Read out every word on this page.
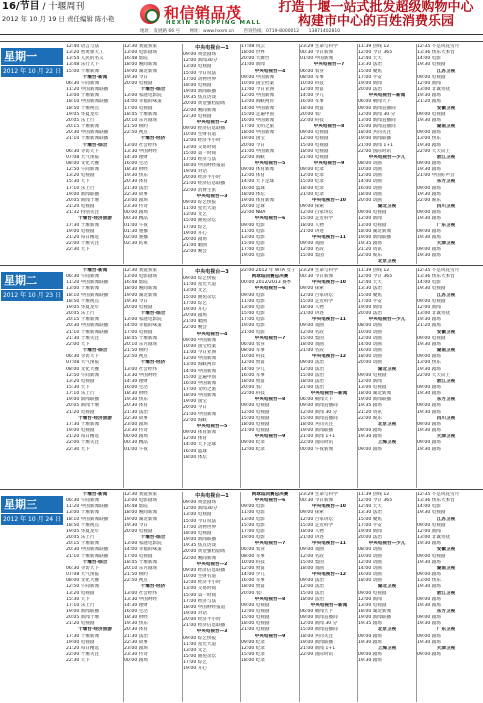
16/节目 / 十堰周刊
2012 年 10 月 19 日 责任编辑 陈小艳	和信销品茂
HEXIN SHOPPING MALL
打造十堰一站式批发超级购物中心
构建市中心的百姓消费乐园
地址：发展路 66 号 网址：www.hxsm.cn 咨询热线：0719-8000012 13871402810
星期一
2012 年 10 月 22 日
12:40 语言与法
13:20 智勇象天工
13:54 人民的名义
13:48 乐行天下
15:00 十堰新闻
十堰台·新闻
06:30 午间新闻
11:20 中国新闻联播
13:00 十堰新闻
18:10 中国新闻联播
18:50 十堰视点
19:05 华夏龙年
20:05 乐上行
20:15 十堰新闻
20:30 中国新闻联播
21:10 十堰新闻联播
十堰台·综合
06:30 寻访天下
07:08 天气预报
08:00 文化大餐
12:50 午间新闻
13:20 电视剧
15:30 天下
17:10 乐上行
19:00 新闻联播
20:05 新闻十堰
21:20 电视剧
21:32 特别关注
十堰台·经济旅游
17:30 十堰新闻
19:00 电视剧
21:20 每日精选
22:00 十堰关注
22:30 天下
12:30 我爱我家
13:00 电影剧场
16:48 影院
18:00 晚间新闻
19:00 湖北新闻
19:30 今日
20:00 电视剧
十堰台·综合
13:00 家庭电影院
14:00 幸福的味道
17:00 电视剧
18:45 十堰新闻
20:10 东方剧场
21:50 相约
22:50 视点
十堰台·经济
13:00 社会经纬
13:30 中国财经
14:30 理财
16:00 生活
18:30 财经
19:30 快乐
20:30 体育
21:30 法治
22:30 故事
23:00 剧场
23:30 传奇
00:00 剧场
00:30 精品
01:00 午夜
01:30 重播
02:00 重播
02:30 结束
中央电视台—1
09:00 黄金剧场
12:00 新闻30分
13:00 电视剧
15:00 今日说法
17:00 动物世界
18:00 电视剧
19:00 新闻联播
19:35 焦点访谈
20:00 黄金强档剧场
22:00 晚间新闻
22:30 电视剧
中央电视台—2
09:00 经济信息联播
10:00 生财有道
12:00 经济半小时
13:00 交易时间
15:00 第一时间
17:00 经济与法
18:00 中国财经报道
19:00 对话
20:00 经济半小时
21:00 经济信息联播
22:00 消费主张
中央电视台—3
09:00 综艺快报
11:00 星光大道
13:00 文艺
15:00 曲苑杂坛
17:00 综艺
19:00 开心
20:00 剧场
21:00 歌曲
22:00 晚会
17:08 风云
18:00 世界
20:00 大舞台
21:00 新闻
中央电视台—4
09:00 中国新闻
10:00 国宝档案
11:00 今日亚洲
12:00 中国新闻
13:00 海峡两岸
14:00 中国新闻
15:00 走遍中国
16:00 中国新闻
17:00 文明之旅
18:00 中国新闻
19:00 国宝
20:00 今日
21:00 中国新闻
22:00 海峡
中央电视台—5
09:00 体育新闻
12:00 体育
14:00 天下足球
16:00 篮球
18:00 体坛
19:00 体育新闻
20:00 足球
22:00 NBA
中央电视台—6
09:00 电影
11:00 电影
13:00 电影
15:00 电影
17:00 电影
19:00 电影
23:29 生命与科学
00:30 今日新闻
01:00 中国新闻
中央电视台—7
06:00 农业
08:00 军事
10:00 科技
12:00 致富
14:00 少儿
16:00 军事
18:00 致富
20:00 农广
22:00 科技
中央电视台—8
09:00 电视剧
12:00 电视剧
15:00 电视剧
18:00 电视剧
21:00 电视剧
中央电视台—9
09:00 纪录
12:00 纪录
15:00 纪录
18:00 纪录
21:00 纪录
中央电视台—10
09:00 探索
12:00 百家讲坛
15:00 走近科学
18:00 人物
21:00 讲述
中央电视台—11
09:00 戏曲
12:00 名段
15:00 梨园
11:39 热线 12
12:00 今日 365
12:40 天天
13:30 法治
15:00 聚焦
17:00 平安
19:00 新闻
20:00 法治
中央电视台—新闻
06:00 朝闻天下
09:00 新闻直播间
12:00 新闻 30 分
13:00 新闻直播间
15:00 新闻直播间
18:00 共同关注
19:00 新闻联播
21:00 新闻 1+1
22:00 国际时讯
中央电视台—少儿
08:00 动画
10:00 动画
12:00 动画
14:00 动画
16:00 动画
18:00 动画
20:00 动画
湖北卫视
09:00 电视剧
12:00 新闻
13:00 电视剧
18:00 湖北新闻
19:00 新闻联播
19:35 剧场
21:20 资讯
22:00 娱乐
北京卫视
12:35 不是风花雪月
13:36 快乐大本营
14:00 电影
19:30 电视剧
江苏卫视
09:00 电视剧
12:00 新闻
13:00 非诚勿扰
19:30 剧场
21:20 剧场
安徽卫视
09:00 电视剧
19:30 剧场
湖南卫视
09:00 剧场
13:00 快乐
19:30 剧场
22:00 天天向上
浙江卫视
09:00 剧场
19:30 剧场
21:00 中国好声音
东方卫视
09:00 剧场
19:30 剧场
22:00 娱乐
四川卫视
09:00 剧场
19:30 剧场
广东卫视
09:00 剧场
19:30 剧场
天津卫视
09:00 剧场
19:30 剧场
星期二
2012 年 10 月 23 日
十堰台·新闻
06:30 午间新闻
11:20 中国新闻联播
13:00 十堰新闻
18:10 中国新闻联播
18:50 十堰视点
19:05 华夏龙年
20:05 乐上行
20:15 十堰新闻
20:30 中国新闻联播
21:10 十堰新闻联播
21:30 十堰关注
22:00 天下
十堰台·综合
06:30 寻访天下
07:08 天气预报
08:00 文化大餐
12:50 午间新闻
13:20 电视剧
15:30 天下
17:10 乐上行
19:00 新闻联播
20:05 新闻十堰
21:20 电视剧
十堰台·经济旅游
17:30 十堰新闻
19:00 电视剧
21:20 每日精选
22:00 十堰关注
22:30 天下
12:30 我爱我家
13:00 电影剧场
16:48 影院
18:00 晚间新闻
19:00 湖北新闻
19:30 今日
20:00 电视剧
十堰台·综合
13:00 家庭电影院
14:00 幸福的味道
17:00 电视剧
18:45 十堰新闻
20:10 东方剧场
21:50 相约
22:50 视点
十堰台·经济
13:00 社会经纬
13:30 中国财经
14:30 理财
16:00 生活
18:30 财经
19:30 快乐
20:30 体育
21:30 法治
22:30 故事
23:00 剧场
23:30 传奇
00:00 剧场
00:30 精品
01:00 午夜
中央电视台—3
09:00 综艺快报
11:00 星光大道
13:00 文艺
15:00 曲苑杂坛
17:00 综艺
19:00 开心
20:00 剧场
21:00 歌曲
22:00 晚会
中央电视台—4
09:00 中国新闻
10:00 国宝档案
11:00 今日亚洲
12:00 中国新闻
13:00 海峡两岸
14:00 中国新闻
15:00 走遍中国
16:00 中国新闻
17:00 文明之旅
18:00 中国新闻
19:00 国宝
20:00 今日
21:00 中国新闻
22:00 海峡
中央电视台—5
09:00 体育新闻
12:00 体育
14:00 天下足球
16:00 篮球
18:00 体坛
22:00 2012 年 WTA 女子
网球巡回赛总决赛
00:00 2012/2013 赛季
中央电视台—6
09:00 电影
11:00 电影
13:00 电影
15:00 电影
17:00 电影
19:00 电影
21:00 电影
中央电视台—7
06:00 农业
08:00 军事
10:00 科技
12:00 致富
14:00 少儿
16:00 军事
18:00 致富
20:00 农广
22:00 科技
中央电视台—8
09:00 电视剧
12:00 电视剧
15:00 电视剧
18:00 电视剧
21:00 电视剧
中央电视台—9
09:00 纪录
12:00 纪录
23:29 生命与科学
00:30 今日新闻
中央电视台—10
09:00 探索
12:00 百家讲坛
15:00 走近科学
18:00 人物
21:00 讲述
中央电视台—11
09:00 戏曲
12:00 名段
15:00 梨园
18:00 戏曲
21:00 名段
中央电视台—12
09:00 法治
12:00 法治
15:00 法治
18:00 法治
21:00 法治
中央电视台—新闻
06:00 朝闻天下
09:00 新闻直播间
12:00 新闻 30 分
15:00 新闻直播间
18:00 共同关注
19:00 新闻联播
21:00 新闻 1+1
22:00 国际时讯
00:00 午夜新闻
11:39 热线 12
12:00 今日 365
12:40 天天
13:30 法治
15:00 聚焦
17:00 平安
19:00 新闻
20:00 法治
中央电视台—少儿
08:00 动画
10:00 动画
12:00 动画
14:00 动画
16:00 动画
18:00 动画
20:00 动画
湖北卫视
09:00 电视剧
12:00 新闻
13:00 电视剧
18:00 湖北新闻
19:00 新闻联播
19:35 剧场
21:20 资讯
22:00 娱乐
北京卫视
09:00 剧场
19:30 剧场
上海卫视
09:00 剧场
12:35 不是风花雪月
13:36 快乐大本营
14:00 电影
19:30 电视剧
江苏卫视
09:00 电视剧
12:00 新闻
13:00 非诚勿扰
19:30 剧场
21:20 剧场
安徽卫视
09:00 电视剧
19:30 剧场
湖南卫视
09:00 剧场
13:00 快乐
19:30 剧场
22:00 天天向上
浙江卫视
09:00 剧场
19:30 剧场
东方卫视
09:00 剧场
19:30 剧场
四川卫视
09:00 剧场
19:30 剧场
天津卫视
09:00 剧场
19:30 剧场
星期三
2012 年 10 月 24 日
十堰台·新闻
06:30 午间新闻
11:20 中国新闻联播
13:00 十堰新闻
18:10 中国新闻联播
18:50 十堰视点
19:05 华夏龙年
20:05 乐上行
20:15 十堰新闻
20:30 中国新闻联播
21:10 十堰新闻联播
十堰台·综合
06:30 寻访天下
07:08 天气预报
08:00 文化大餐
12:50 午间新闻
13:20 电视剧
15:30 天下
17:10 乐上行
19:00 新闻联播
20:05 新闻十堰
21:20 电视剧
十堰台·经济旅游
17:30 十堰新闻
19:00 电视剧
21:20 每日精选
22:00 十堰关注
22:30 天下
12:30 我爱我家
13:00 电影剧场
16:48 影院
18:00 晚间新闻
19:00 湖北新闻
19:30 今日
20:00 电视剧
十堰台·综合
13:00 家庭电影院
14:00 幸福的味道
17:00 电视剧
18:45 十堰新闻
20:10 东方剧场
21:50 相约
22:50 视点
十堰台·经济
13:00 社会经纬
13:30 中国财经
14:30 理财
16:00 生活
18:30 财经
19:30 快乐
20:30 体育
21:30 法治
22:30 故事
23:00 剧场
23:30 传奇
00:00 剧场
中央电视台—1
09:00 黄金剧场
12:00 新闻30分
13:00 电视剧
15:00 今日说法
17:00 动物世界
18:00 电视剧
19:00 新闻联播
19:35 焦点访谈
20:00 黄金强档剧场
22:00 晚间新闻
中央电视台—2
09:00 经济信息联播
10:00 生财有道
12:00 经济半小时
13:00 交易时间
15:00 第一时间
17:00 经济与法
18:00 中国财经报道
19:00 对话
20:00 经济半小时
21:00 经济信息联播
中央电视台—3
09:00 综艺快报
11:00 星光大道
13:00 文艺
15:00 曲苑杂坛
17:00 综艺
19:00 开心
网球巡回赛总决赛
中央电视台—6
09:00 电影
11:00 电影
13:00 电影
15:00 电影
17:00 电影
19:00 电影
中央电视台—7
06:00 农业
08:00 军事
10:00 科技
12:00 致富
14:00 少儿
16:00 军事
18:00 致富
20:00 农广
中央电视台—8
09:00 电视剧
12:00 电视剧
15:00 电视剧
18:00 电视剧
21:00 电视剧
中央电视台—9
09:00 纪录
12:00 纪录
15:00 纪录
18:00 纪录
23:29 生命与科学
00:30 今日新闻
中央电视台—10
09:00 探索
12:00 百家讲坛
15:00 走近科学
18:00 人物
21:00 讲述
中央电视台—11
09:00 戏曲
12:00 名段
15:00 梨园
18:00 戏曲
中央电视台—12
09:00 法治
12:00 法治
15:00 法治
18:00 法治
中央电视台—新闻
06:00 朝闻天下
09:00 新闻直播间
12:00 新闻 30 分
15:00 新闻直播间
18:00 共同关注
19:00 新闻联播
21:00 新闻 1+1
22:00 国际时讯
11:39 热线 12
12:00 今日 365
12:40 天天
13:30 法治
15:00 聚焦
17:00 平安
19:00 新闻
20:00 法治
中央电视台—少儿
08:00 动画
10:00 动画
12:00 动画
14:00 动画
16:00 动画
18:00 动画
湖北卫视
09:00 电视剧
12:00 新闻
13:00 电视剧
18:00 湖北新闻
19:00 新闻联播
19:35 剧场
北京卫视
09:00 剧场
19:30 剧场
上海卫视
09:00 剧场
19:30 剧场
12:35 不是风花雪月
13:36 快乐大本营
14:00 电影
19:30 电视剧
江苏卫视
09:00 电视剧
12:00 新闻
13:00 非诚勿扰
19:30 剧场
安徽卫视
09:00 电视剧
19:30 剧场
湖南卫视
09:00 剧场
13:00 快乐
19:30 剧场
浙江卫视
09:00 剧场
19:30 剧场
东方卫视
09:00 剧场
19:30 剧场
广东卫视
09:00 剧场
19:30 剧场
天津卫视
09:00 剧场
